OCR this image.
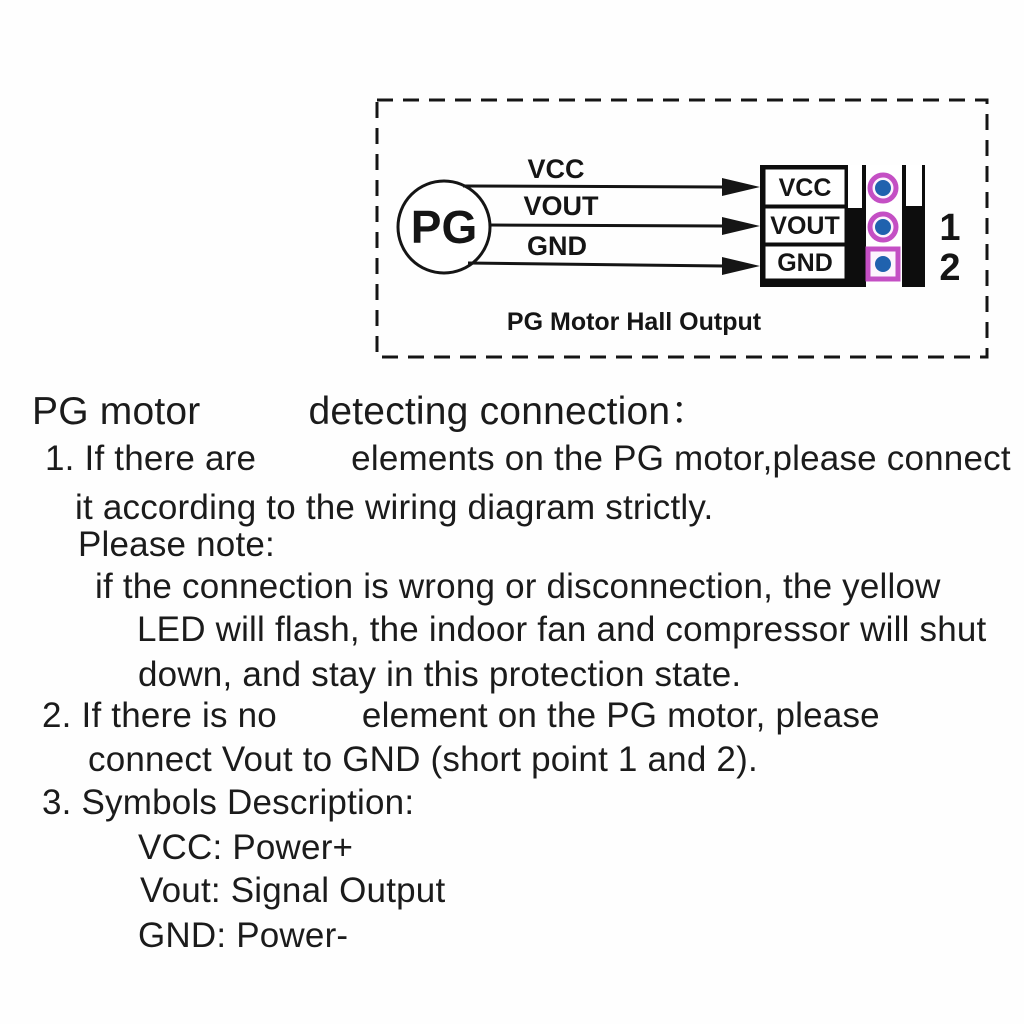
PG
VCC
VOUT
GND
VCC
VOUT
GND
1
2
PG Motor Hall Output
PG motor	detecting connection：
1. If there are	elements on the PG motor,please connect
it according to the wiring diagram strictly.
Please note:
if the connection is wrong or disconnection, the yellow
LED will flash, the indoor fan and compressor will shut
down, and stay in this protection state.
2. If there is no element on the PG motor, please
connect Vout to GND (short point 1 and 2).
3. Symbols Description:
VCC: Power+
Vout: Signal Output
GND: Power-
